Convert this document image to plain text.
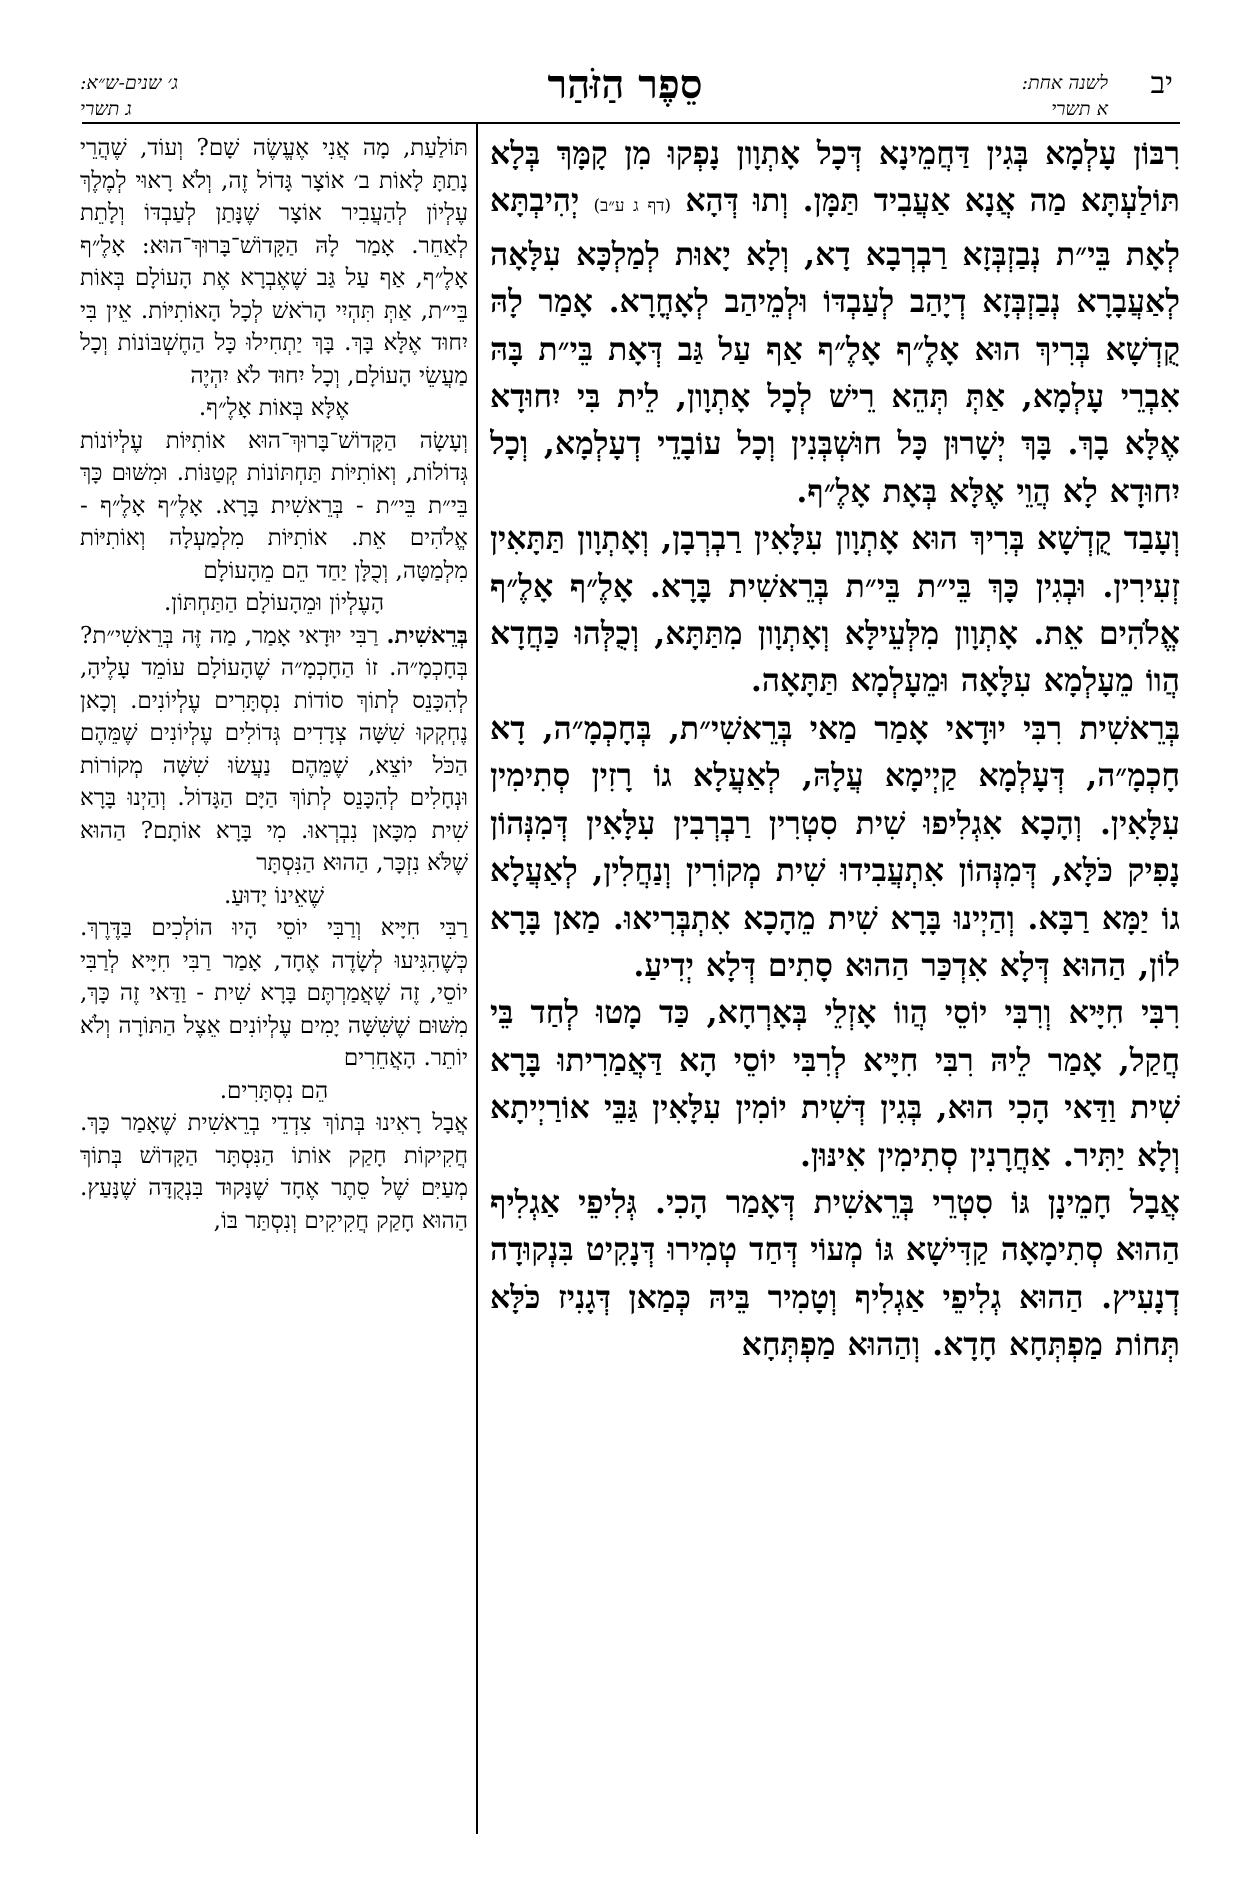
יב
לשנה אחת:
א תשרי
סֵפֶר הַזֹּהַר
ג׳ שנים-ש״א:
ג תשרי

רִבּוֹן עָלְמָא בְּגִין דַּחֲמֵינָא דְּכָל אָתְוָון נָפְקוּ מִן קָמָּךְ בְּלָא תּוֹלַעְתָּא מַה אֲנָא אַעֲבִיד תַּמָּן. וְתוּ דְּהָא (דף ג ע״ב) יְהִיבְתָּא לְאָת בֵּי״ת נְבַזְבְּזָא רַבְרְבָא דָא, וְלָא יָאוּת לְמַלְכָּא עִלָּאָה לְאַעֲבָרָא נְבַזְבְּזָא דְיָהַב לְעַבְדּוֹ וּלְמֵיהַב לְאָחֳרָא. אָמַר לָהּ קֻדְשָׁא בְּרִיךְ הוּא אָלֶ״ף אָלֶ״ף אַף עַל גַּב דְּאָת בֵּי״ת בָּהּ אִבְרֵי עָלְמָא, אַתְּ תְּהֵא רֵישׁ לְכָל אָתְוָון, לֵית בִּי יִחוּדָא אֶלָּא בָךְ. בָּךְ יְשָׁרוּן כָּל חוּשְׁבְּנִין וְכָל עוֹבָדֵי דְעָלְמָא, וְכָל יִחוּדָא לָא הֲוֵי אֶלָּא בְּאָת אָלֶ״ף.

וְעָבַד קֻדְשָׁא בְּרִיךְ הוּא אָתְוָון עִלָּאִין רַבְרְבָן, וְאָתְוָון תַּתָּאִין זְעִירִין. וּבְגִין כָּךְ בֵּי״ת בֵּי״ת בְּרֵאשִׁית בָּרָא. אָלֶ״ף אָלֶ״ף אֱלֹהִים אֵת. אָתְוָון מִלְּעֵילָּא וְאָתְוָון מִתַּתָּא, וְכֻלְּהוּ כַּחֲדָא הֲווֹ מֵעָלְמָא עִלָּאָה וּמֵעָלְמָא תַּתָּאָה.

בְּרֵאשִׁית רִבִּי יוּדָאי אָמַר מַאי בְּרֵאשִׁי״ת, בְּחָכְמָ״ה, דָא חָכְמָ״ה, דְּעָלְמָא קַיְימָא עֲלָהּ, לְאַעֲלָא גוֹ רָזִין סְתִימִין עִלָּאִין. וְהָכָא אִגְלִיפוּ שִׁית סִטְרִין רַבְרְבִין עִלָּאִין דְּמִנְּהוֹן נָפִיק כֹּלָּא, דְּמִנְּהוֹן אִתְעֲבִידוּ שִׁית מְקוֹרִין וְנַחֲלִין, לְאַעֲלָא גוֹ יַמָּא רַבָּא. וְהַיְינוּ בָּרָא שִׁית מֵהָכָא אִתְבְּרִיאוּ. מַאן בָּרָא לוֹן, הַהוּא דְּלָא אִדְכַּר הַהוּא סָתִים דְּלָא יְדִיעַ.

רִבִּי חִיָּיא וְרִבִּי יוֹסֵי הֲווֹ אָזְלֵי בְּאָרְחָא, כַּד מָטוּ לְחַד בֵּי חֲקַל, אָמַר לֵיהּ רִבִּי חִיָּיא לְרִבִּי יוֹסֵי הָא דַּאֲמַרִיתוּ בָּרָא שִׁית וַדַּאי הָכִי הוּא, בְּגִין דְּשִׁית יוֹמִין עִלָּאִין גַּבֵּי אוֹרַיְיתָא וְלָא יַתִּיר. אַחֲרָנִין סְתִימִין אִינּוּן.

אֲבָל חָמֵינָן גּוֹ סִטְרֵי בְּרֵאשִׁית דְּאָמַר הָכִי. גְּלִיפֵי אַגְלִיף הַהוּא סְתִימָאָה קַדִּישָׁא גּוֹ מְעוֹי דְּחַד טְמִירוּ דְּנָקִיט בִּנְקוּדָה דְנָעִיץ. הַהוּא גְלִיפֵי אַגְלִיף וְטָמִיר בֵּיהּ כְּמַאן דְּגָנִיז כֹּלָּא תְּחוֹת מַפְתְּחָא חָדָא. וְהַהוּא מַפְתְּחָא

תּוֹלַעַת, מָה אֲנִי אֶעֱשֶׂה שָׁם? וְעוֹד, שֶׁהֲרֵי נָתַתָּ לָאוֹת ב׳ אוֹצָר גָּדוֹל זֶה, וְלֹא רָאוּי לְמֶלֶךְ עֶלְיוֹן לְהַעֲבִיר אוֹצָר שֶׁנָּתַן לְעַבְדּוֹ וְלָתֵת לְאַחֵר. אָמַר לָהּ הַקָּדוֹשׁ־בָּרוּךְ־הוּא: אָלֶ״ף אָלֶ״ף, אַף עַל גַּב שֶׁאֶבְרָא אֶת הָעוֹלָם בְּאוֹת בֵּי״ת, אַתְּ תִּהְיִי הָרֹאשׁ לְכָל הָאוֹתִיּוֹת. אֵין בִּי יִחוּד אֶלָּא בָּךְ. בָּךְ יַתְחִילוּ כָּל הַחֶשְׁבּוֹנוֹת וְכָל מַעֲשֵׂי הָעוֹלָם, וְכָל יִחוּד לֹא יִהְיֶה

אֶלָּא בְּאוֹת אָלֶ״ף.

וְעָשָׂה הַקָּדוֹשׁ־בָּרוּךְ־הוּא אוֹתִיּוֹת עֶלְיוֹנוֹת גְּדוֹלוֹת, וְאוֹתִיּוֹת תַּחְתּוֹנוֹת קְטַנּוֹת. וּמִשּׁוּם כָּךְ בֵּי״ת בֵּי״ת - בְּרֵאשִׁית בָּרָא. אָלֶ״ף אָלֶ״ף - אֱלֹהִים אֵת. אוֹתִיּוֹת מִלְמַעְלָה וְאוֹתִיּוֹת מִלְמַטָּה, וְכֻלָּן יַחַד הֵם מֵהָעוֹלָם

הָעֶלְיוֹן וּמֵהָעוֹלָם הַתַּחְתּוֹן.

בְּרֵאשִׁית. רַבִּי יוּדָאי אָמַר, מַה זֶּה בְּרֵאשִׁי״ת? בְּחָכְמָ״ה. זוֹ הַחָכְמָ״ה שֶׁהָעוֹלָם עוֹמֵד עָלֶיהָ, לְהִכָּנֵס לְתוֹךְ סוֹדוֹת נִסְתָּרִים עֶלְיוֹנִים. וְכָאן נֶחְקְקוּ שִׁשָּׁה צְדָדִים גְּדוֹלִים עֶלְיוֹנִים שֶׁמֵּהֶם הַכֹּל יוֹצֵא, שֶׁמֵּהֶם נַעֲשׂוּ שִׁשָּׁה מְקוֹרוֹת וּנְחָלִים לְהִכָּנֵס לְתוֹךְ הַיָּם הַגָּדוֹל. וְהַיְנוּ בָּרָא שִׁית מִכָּאן נִבְרְאוּ. מִי בָּרָא אוֹתָם? הַהוּא שֶׁלֹּא נִזְכָּר, הַהוּא הַנִּסְתָּר

שֶׁאֵינוֹ יָדוּעַ.

רַבִּי חִיָּיא וְרַבִּי יוֹסֵי הָיוּ הוֹלְכִים בַּדֶּרֶךְ. כְּשֶׁהִגִּיעוּ לְשָׂדֶה אֶחָד, אָמַר רַבִּי חִיָּיא לְרַבִּי יוֹסֵי, זֶה שֶׁאֲמַרְתֶּם בָּרָא שִׁית - וַדַּאי זֶה כָּךְ, מִשּׁוּם שֶׁשִּׁשָּׁה יָמִים עֶלְיוֹנִים אֵצֶל הַתּוֹרָה וְלֹא יוֹתֵר. הָאֲחֵרִים

הֵם נִסְתָּרִים.

אֲבָל רָאִינוּ בְּתוֹךְ צִדְדֵי בְרֵאשִׁית שֶׁאָמַר כָּךְ. חֲקִיקוֹת חָקַק אוֹתוֹ הַנִּסְתָּר הַקָּדוֹשׁ בְּתוֹךְ מְעַיִּם שֶׁל סֵתֶר אֶחָד שֶׁנָּקוּד בִּנְקֻדָּה שֶׁנָּעַץ. הַהוּא חָקַק חֲקִיקִים וְנִסְתַּר בּוֹ,
